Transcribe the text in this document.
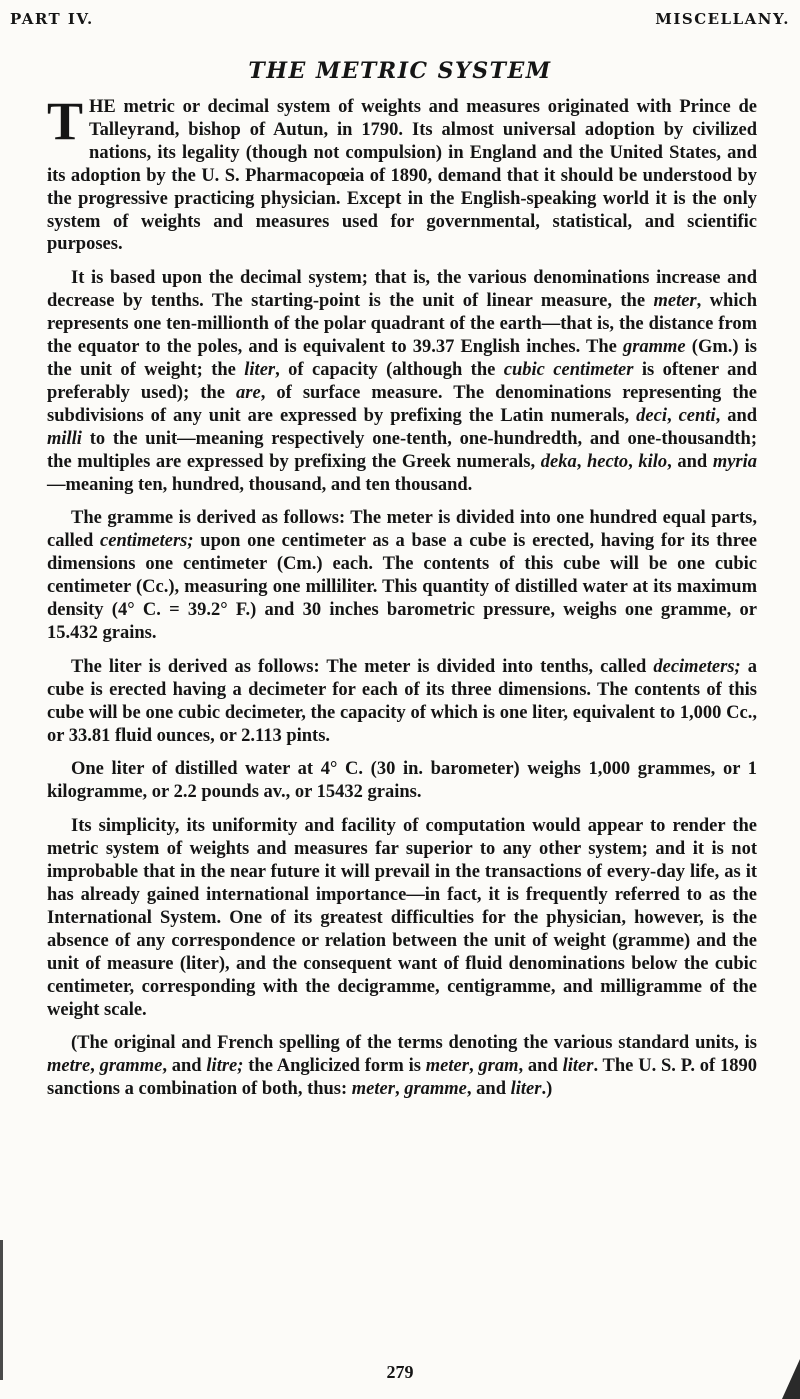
PART IV.	MISCELLANY.
THE METRIC SYSTEM

THE metric or decimal system of weights and measures originated with Prince de Talleyrand, bishop of Autun, in 1790. Its almost universal adoption by civilized nations, its legality (though not compulsion) in England and the United States, and its adoption by the U. S. Pharmacopœia of 1890, demand that it should be understood by the progressive practicing physician. Except in the English-speaking world it is the only system of weights and measures used for governmental, statistical, and scientific purposes.

It is based upon the decimal system; that is, the various denominations increase and decrease by tenths. The starting-point is the unit of linear measure, the meter, which represents one ten-millionth of the polar quadrant of the earth—that is, the distance from the equator to the poles, and is equivalent to 39.37 English inches. The gramme (Gm.) is the unit of weight; the liter, of capacity (although the cubic centimeter is oftener and preferably used); the are, of surface measure. The denominations representing the subdivisions of any unit are expressed by prefixing the Latin numerals, deci, centi, and milli to the unit—meaning respectively one-tenth, one-hundredth, and one-thousandth; the multiples are expressed by prefixing the Greek numerals, deka, hecto, kilo, and myria—meaning ten, hundred, thousand, and ten thousand.

The gramme is derived as follows: The meter is divided into one hundred equal parts, called centimeters; upon one centimeter as a base a cube is erected, having for its three dimensions one centimeter (Cm.) each. The contents of this cube will be one cubic centimeter (Cc.), measuring one milliliter. This quantity of distilled water at its maximum density (4° C. = 39.2° F.) and 30 inches barometric pressure, weighs one gramme, or 15.432 grains.

The liter is derived as follows: The meter is divided into tenths, called decimeters; a cube is erected having a decimeter for each of its three dimensions. The contents of this cube will be one cubic decimeter, the capacity of which is one liter, equivalent to 1,000 Cc., or 33.81 fluid ounces, or 2.113 pints.

One liter of distilled water at 4° C. (30 in. barometer) weighs 1,000 grammes, or 1 kilogramme, or 2.2 pounds av., or 15432 grains.

Its simplicity, its uniformity and facility of computation would appear to render the metric system of weights and measures far superior to any other system; and it is not improbable that in the near future it will prevail in the transactions of every-day life, as it has already gained international importance—in fact, it is frequently referred to as the International System. One of its greatest difficulties for the physician, however, is the absence of any correspondence or relation between the unit of weight (gramme) and the unit of measure (liter), and the consequent want of fluid denominations below the cubic centimeter, corresponding with the decigramme, centigramme, and milligramme of the weight scale.

(The original and French spelling of the terms denoting the various standard units, is metre, gramme, and litre; the Anglicized form is meter, gram, and liter. The U. S. P. of 1890 sanctions a combination of both, thus: meter, gramme, and liter.)

279
